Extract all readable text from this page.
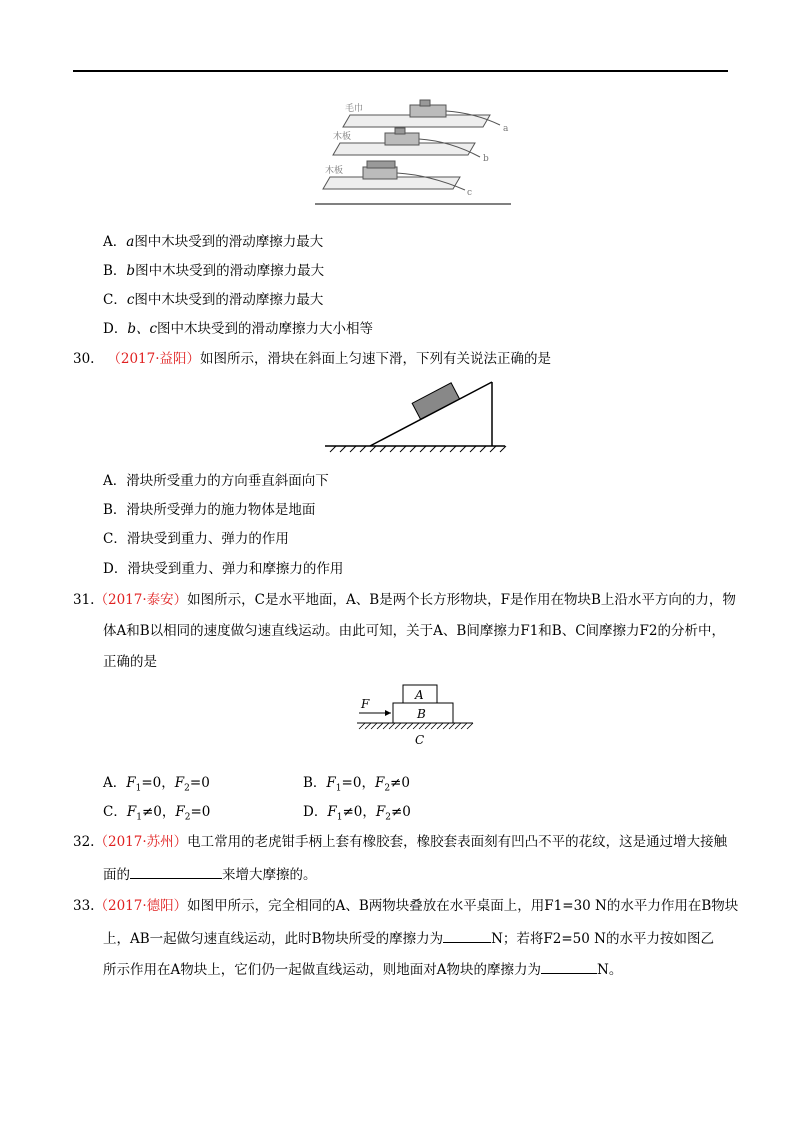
毛巾
a
木板
b
木板
c
A．a图中木块受到的滑动摩擦力最大
B．b图中木块受到的滑动摩擦力最大
C．c图中木块受到的滑动摩擦力最大
D．b、c图中木块受到的滑动摩擦力大小相等
30. （2017·益阳）如图所示，滑块在斜面上匀速下滑，下列有关说法正确的是
A．滑块所受重力的方向垂直斜面向下
B．滑块所受弹力的施力物体是地面
C．滑块受到重力、弹力的作用
D．滑块受到重力、弹力和摩擦力的作用
31.（2017·泰安）如图所示，C是水平地面，A、B是两个长方形物块，F是作用在物块B上沿水平方向的力，物
体A和B以相同的速度做匀速直线运动。由此可知，关于A、B间摩擦力F1和B、C间摩擦力F2的分析中，
正确的是
F
A
B
C
A．$F_1=0$，$F_2=0$	B．$F_1=0$，$F_2\ne 0$
C．$F_1\ne 0$，$F_2=0$	D．$F_1\ne 0$，$F_2\ne 0$
32.（2017·苏州）电工常用的老虎钳手柄上套有橡胶套，橡胶套表面刻有凹凸不平的花纹，这是通过增大接触
面的	来增大摩擦的。
33.（2017·德阳）如图甲所示，完全相同的A、B两物块叠放在水平桌面上，用F1=30 N的水平力作用在B物块
上，AB一起做匀速直线运动，此时B物块所受的摩擦力为	N；若将F2=50 N的水平力按如图乙
所示作用在A物块上，它们仍一起做直线运动，则地面对A物块的摩擦力为	N。
